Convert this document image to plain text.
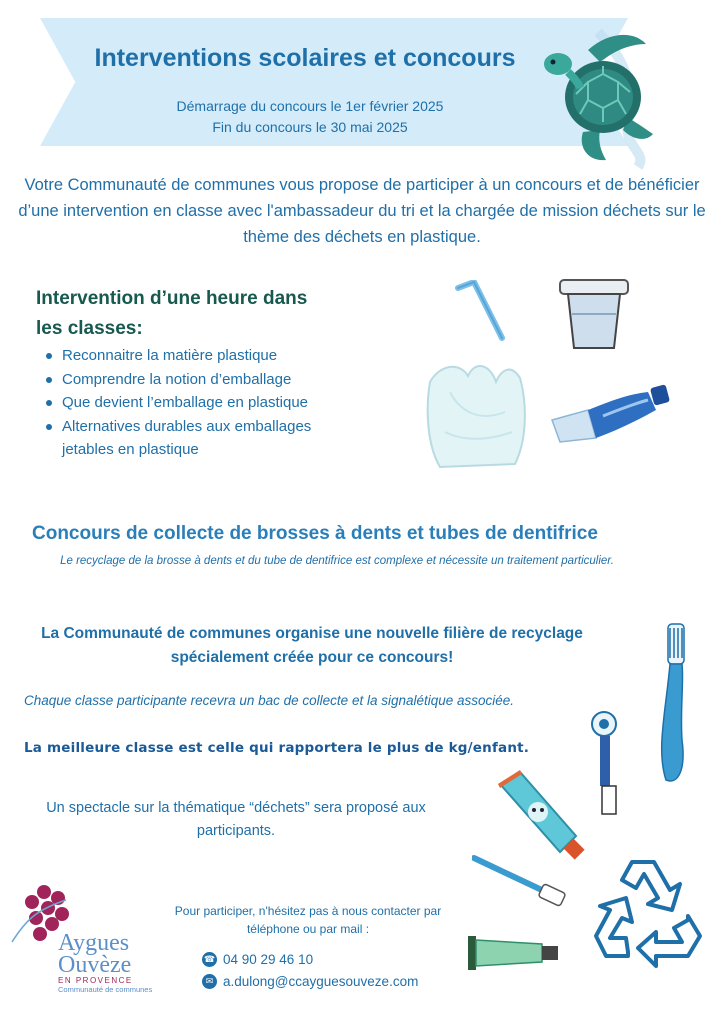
Interventions scolaires et concours
Démarrage du concours le 1er février 2025
Fin du concours le 30 mai 2025
Votre Communauté de communes vous propose de participer à un concours et de bénéficier d’une intervention en classe avec l'ambassadeur du tri et la chargée de mission déchets sur le thème des déchets en plastique.
Intervention d’une heure dans
les classes:
Reconnaitre la matière plastique
Comprendre la notion d’emballage
Que devient l’emballage en plastique
Alternatives durables aux emballages jetables en plastique
Concours de collecte de brosses à dents et tubes de dentifrice
Le recyclage de la brosse à dents et du tube de dentifrice est complexe et nécessite un traitement particulier.
La Communauté de communes organise une nouvelle filière de recyclage spécialement créée pour ce concours!
Chaque classe participante recevra un bac de collecte et la signalétique associée.
La meilleure classe est celle qui rapportera le plus de kg/enfant.
Un spectacle sur la thématique “déchets” sera proposé aux participants.
Aygues
Ouvèze
EN PROVENCE
Communauté de communes
Pour participer, n'hésitez pas à nous contacter par téléphone ou par mail :
☎ 04 90 29 46 10
✉ a.dulong@ccayguesouveze.com
